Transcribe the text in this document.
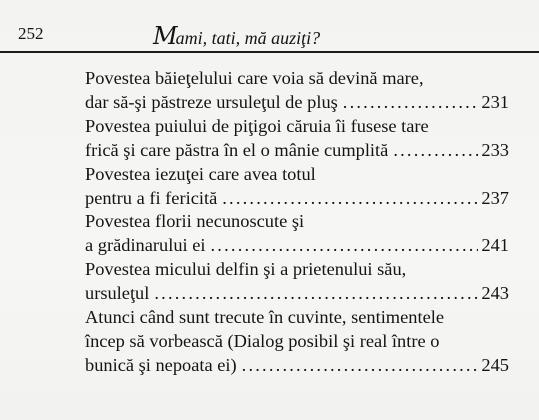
252	Mami, tati, mă auziţi?
Povestea băieţelului care voia să devină mare,
dar să-şi păstreze ursuleţul de pluş . . .	231
Povestea puiului de piţigoi căruia îi fusese tare
frică şi care păstra în el o mânie cumplită . . .	233
Povestea iezuţei care avea totul
pentru a fi fericită . . .	237
Povestea florii necunoscute şi
a grădinarului ei . . .	241
Povestea micului delfin şi a prietenului său,
ursuleţul . . .	243
Atunci când sunt trecute în cuvinte, sentimentele
încep să vorbească (Dialog posibil şi real între o
bunică şi nepoata ei) . . .	245
